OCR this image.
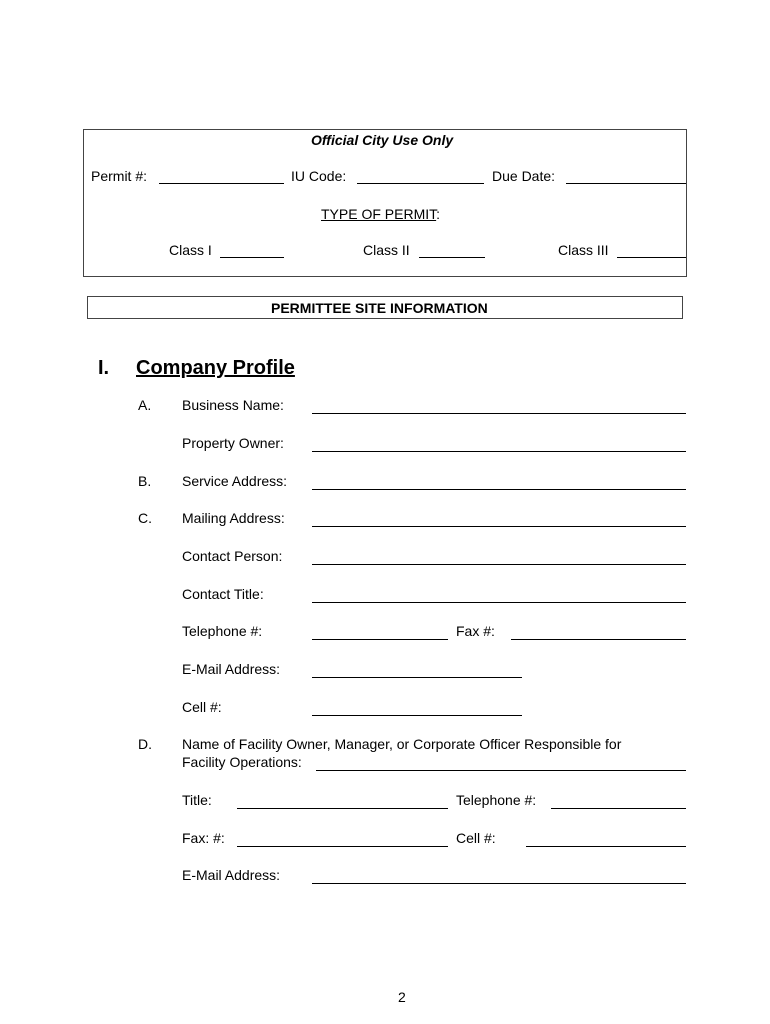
Official City Use Only
Permit #:	IU Code:	Due Date:
TYPE OF PERMIT:
Class I	Class II	Class III
PERMITTEE SITE INFORMATION
I. Company Profile
A. Business Name:
Property Owner:
B. Service Address:
C. Mailing Address:
Contact Person:
Contact Title:
Telephone #:	Fax #:
E-Mail Address:
Cell #:
D. Name of Facility Owner, Manager, or Corporate Officer Responsible for
Facility Operations:
Title:	Telephone #:
Fax: #:	Cell #:
E-Mail Address:
2
